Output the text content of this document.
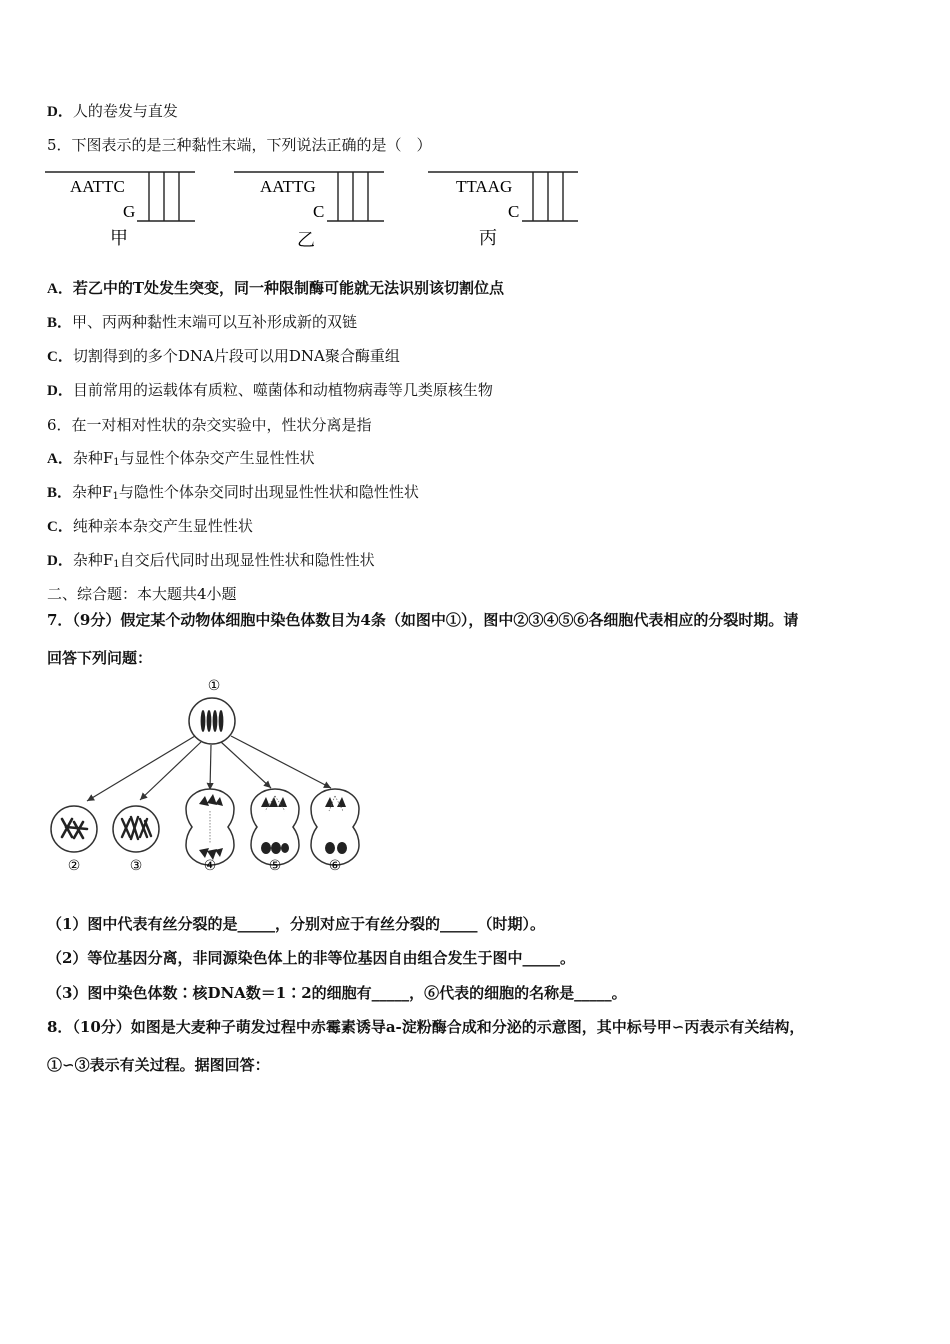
D．人的卷发与直发
5．下图表示的是三种黏性末端，下列说法正确的是（　）
AATTC
G
甲
AATTG
C
乙
TTAAG
C
丙
A．若乙中的T处发生突变，同一种限制酶可能就无法识别该切割位点
B．甲、丙两种黏性末端可以互补形成新的双链
C．切割得到的多个DNA片段可以用DNA聚合酶重组
D．目前常用的运载体有质粒、噬菌体和动植物病毒等几类原核生物
6．在一对相对性状的杂交实验中，性状分离是指
A．杂种$F_1$与显性个体杂交产生显性性状
B．杂种$F_1$与隐性个体杂交同时出现显性性状和隐性性状
C．纯种亲本杂交产生显性性状
D．杂种$F_1$自交后代同时出现显性性状和隐性性状
二、综合题：本大题共4小题
7．（9分）假定某个动物体细胞中染色体数目为4条（如图中①），图中②③④⑤⑥各细胞代表相应的分裂时期。请
回答下列问题：
①
②	③	④	⑤	⑥
（1）图中代表有丝分裂的是_____，分别对应于有丝分裂的_____（时期）。
（2）等位基因分离，非同源染色体上的非等位基因自由组合发生于图中_____。
（3）图中染色体数∶核DNA数＝1∶2的细胞有_____，⑥代表的细胞的名称是_____。
8．（10分）如图是大麦种子萌发过程中赤霉素诱导a-淀粉酶合成和分泌的示意图，其中标号甲∽丙表示有关结构，
①∽③表示有关过程。据图回答：
